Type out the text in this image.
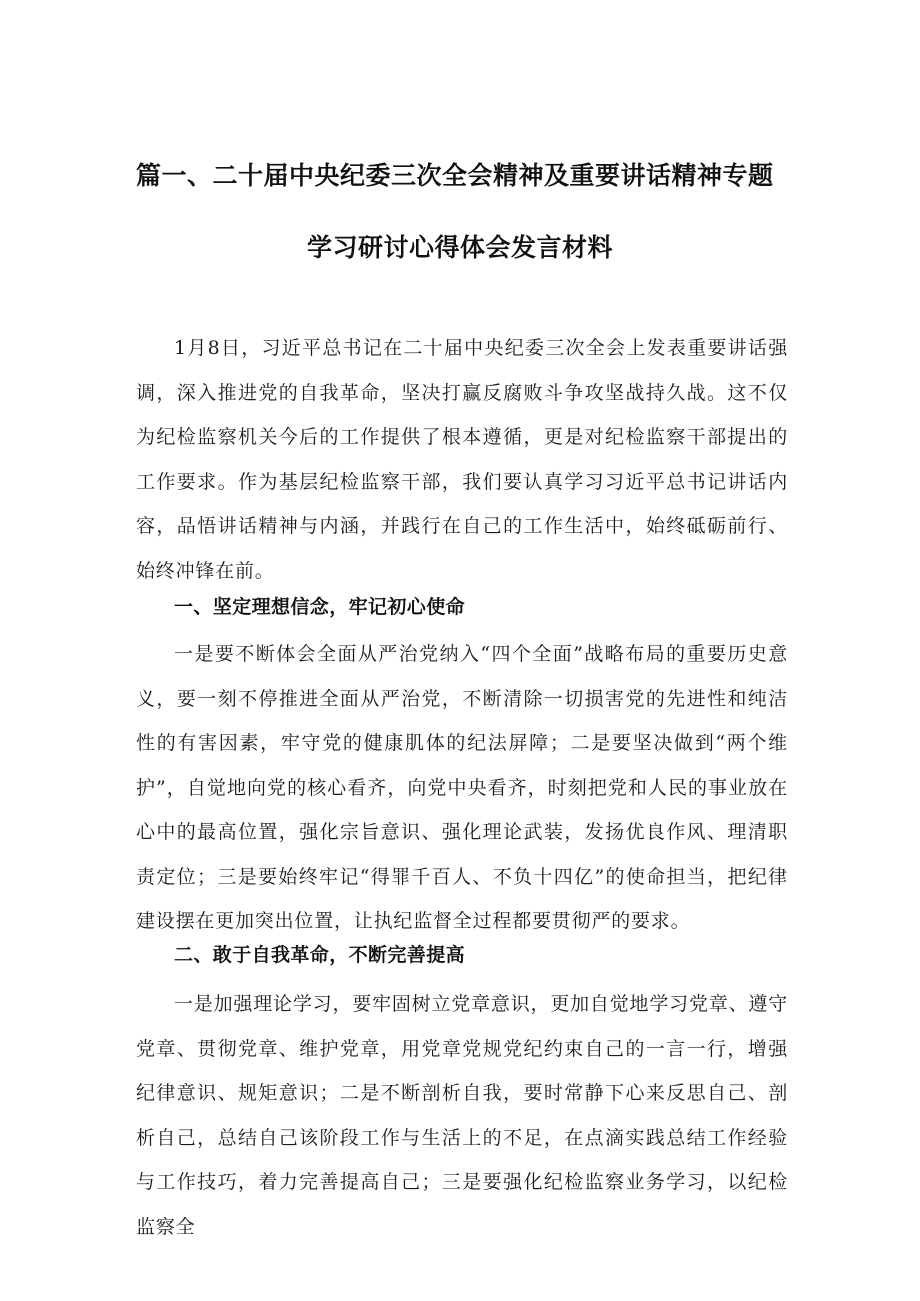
篇一、二十届中央纪委三次全会精神及重要讲话精神专题
学习研讨心得体会发言材料

1月8日，习近平总书记在二十届中央纪委三次全会上发表重要讲话强调，深入推进党的自我革命，坚决打赢反腐败斗争攻坚战持久战。这不仅为纪检监察机关今后的工作提供了根本遵循，更是对纪检监察干部提出的工作要求。作为基层纪检监察干部，我们要认真学习习近平总书记讲话内容，品悟讲话精神与内涵，并践行在自己的工作生活中，始终砥砺前行、始终冲锋在前。

一、坚定理想信念，牢记初心使命

一是要不断体会全面从严治党纳入“四个全面”战略布局的重要历史意义，要一刻不停推进全面从严治党，不断清除一切损害党的先进性和纯洁性的有害因素，牢守党的健康肌体的纪法屏障；二是要坚决做到“两个维护”，自觉地向党的核心看齐，向党中央看齐，时刻把党和人民的事业放在心中的最高位置，强化宗旨意识、强化理论武装，发扬优良作风、理清职责定位；三是要始终牢记“得罪千百人、不负十四亿”的使命担当，把纪律建设摆在更加突出位置，让执纪监督全过程都要贯彻严的要求。

二、敢于自我革命，不断完善提高

一是加强理论学习，要牢固树立党章意识，更加自觉地学习党章、遵守党章、贯彻党章、维护党章，用党章党规党纪约束自己的一言一行，增强纪律意识、规矩意识；二是不断剖析自我，要时常静下心来反思自己、剖析自己，总结自己该阶段工作与生活上的不足，在点滴实践总结工作经验与工作技巧，着力完善提高自己；三是要强化纪检监察业务学习，以纪检监察全
